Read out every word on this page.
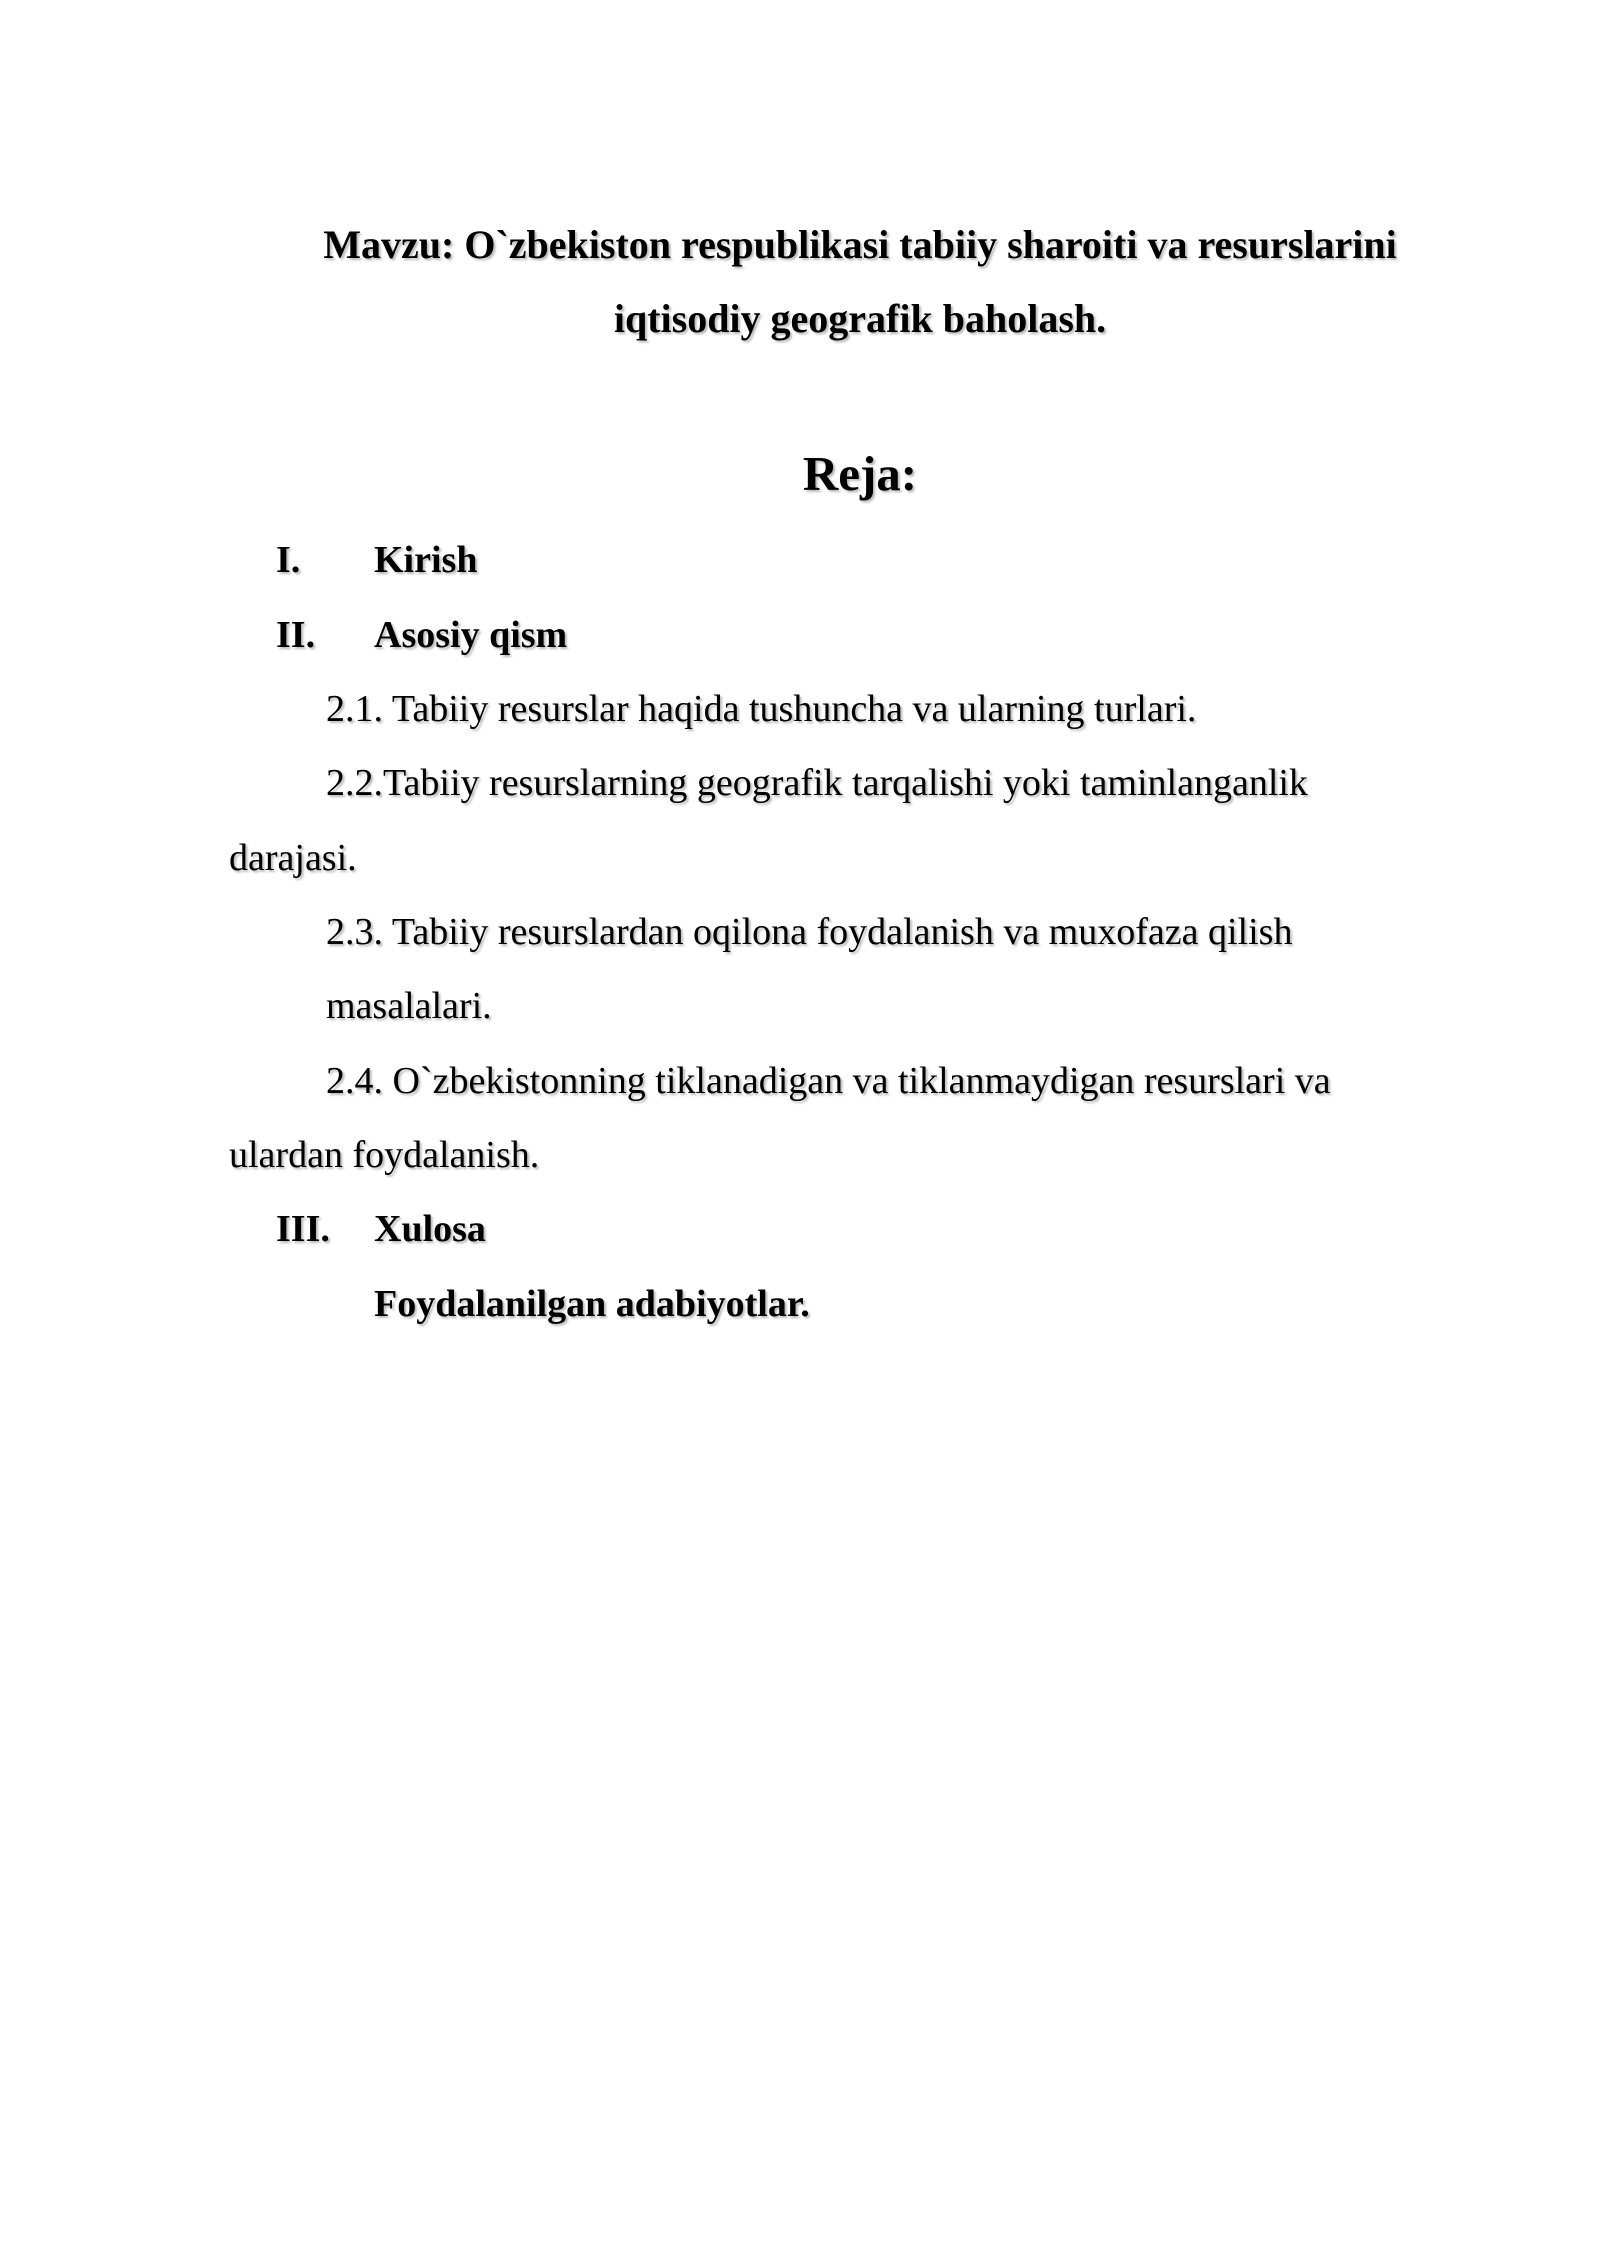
Mavzu: O`zbekiston respublikasi tabiiy sharoiti va resurslarini
iqtisodiy geografik baholash.
Reja:
I. Kirish
II. Asosiy qism

2.1. Tabiiy resurslar haqida tushuncha va ularning turlari.

2.2.Tabiiy resurslarning geografik tarqalishi yoki taminlanganlik

darajasi.

2.3. Tabiiy resurslardan oqilona foydalanish va muxofaza qilish

masalalari.

2.4. O`zbekistonning tiklanadigan va tiklanmaydigan resurslari va

ulardan foydalanish.

III. Xulosa
Foydalanilgan adabiyotlar.
